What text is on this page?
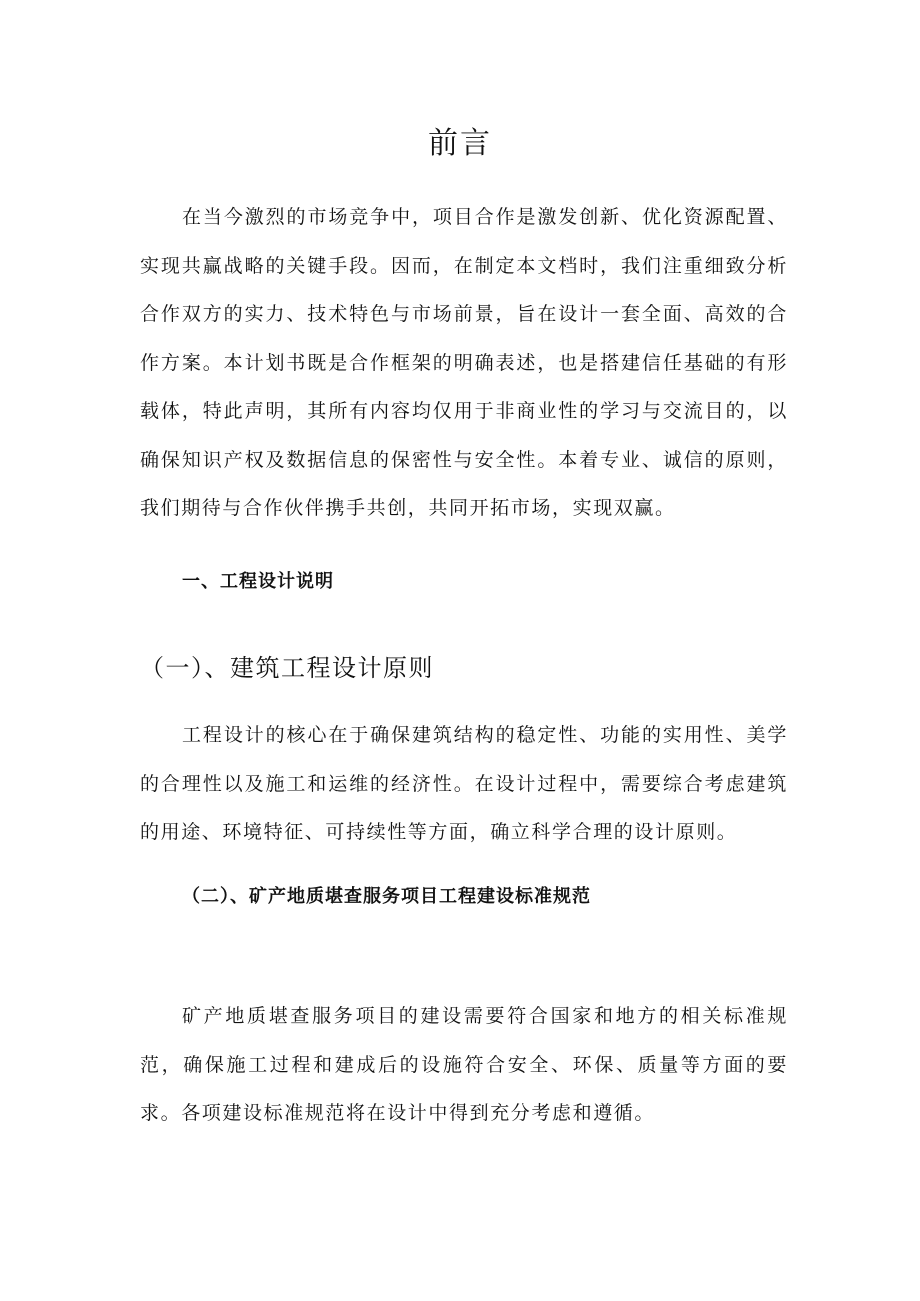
前言

在当今激烈的市场竞争中，项目合作是激发创新、优化资源配置、实现共赢战略的关键手段。因而，在制定本文档时，我们注重细致分析合作双方的实力、技术特色与市场前景，旨在设计一套全面、高效的合作方案。本计划书既是合作框架的明确表述，也是搭建信任基础的有形载体，特此声明，其所有内容均仅用于非商业性的学习与交流目的，以确保知识产权及数据信息的保密性与安全性。本着专业、诚信的原则，我们期待与合作伙伴携手共创，共同开拓市场，实现双赢。

一、工程设计说明
（一）、建筑工程设计原则

工程设计的核心在于确保建筑结构的稳定性、功能的实用性、美学的合理性以及施工和运维的经济性。在设计过程中，需要综合考虑建筑的用途、环境特征、可持续性等方面，确立科学合理的设计原则。

（二）、矿产地质堪查服务项目工程建设标准规范

矿产地质堪查服务项目的建设需要符合国家和地方的相关标准规范，确保施工过程和建成后的设施符合安全、环保、质量等方面的要求。各项建设标准规范将在设计中得到充分考虑和遵循。
